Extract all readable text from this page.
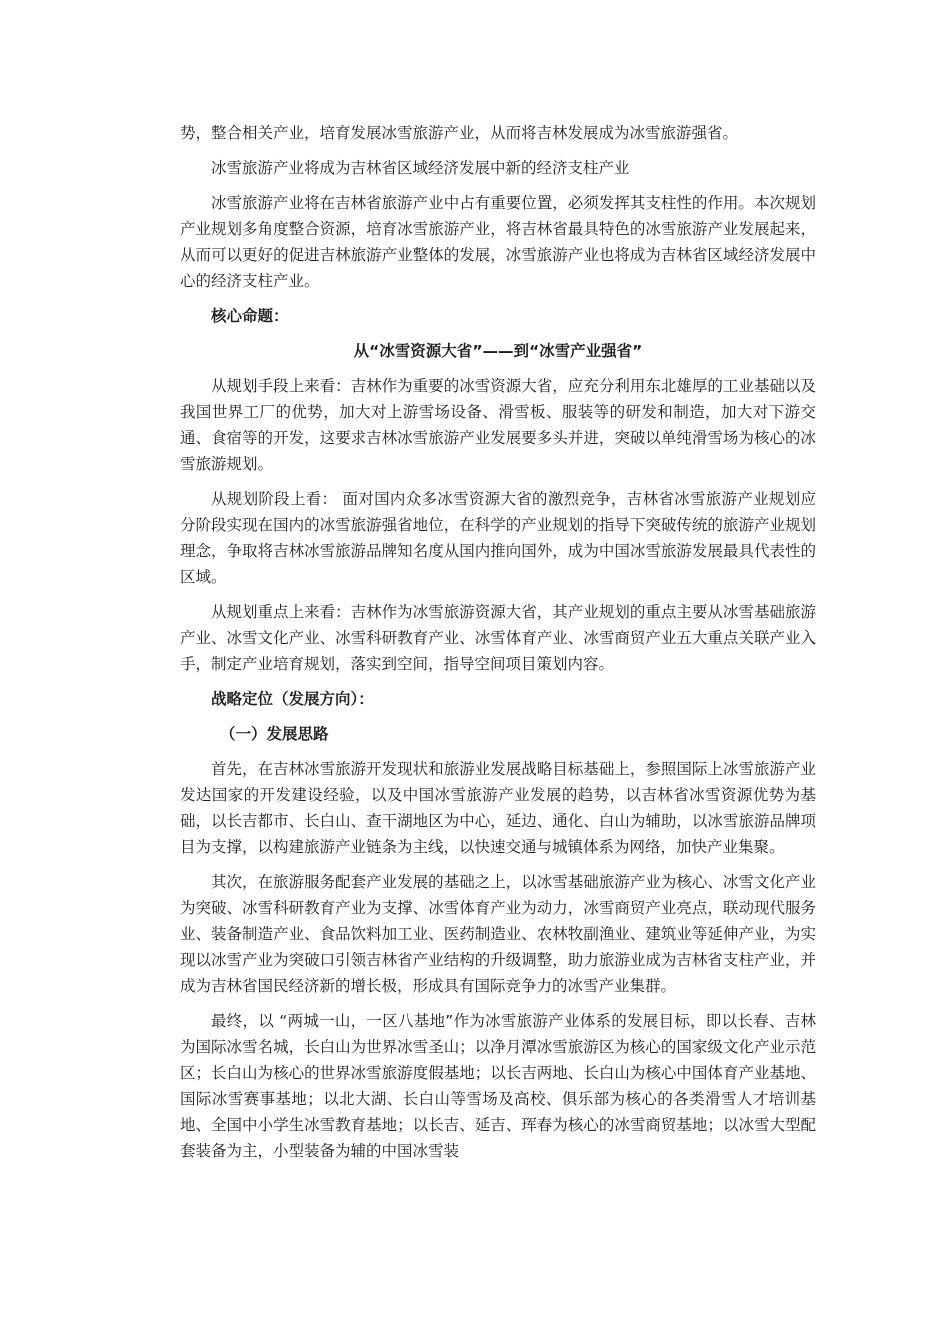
势，整合相关产业，培育发展冰雪旅游产业，从而将吉林发展成为冰雪旅游强省。

冰雪旅游产业将成为吉林省区域经济发展中新的经济支柱产业

冰雪旅游产业将在吉林省旅游产业中占有重要位置，必须发挥其支柱性的作用。本次规划产业规划多角度整合资源，培育冰雪旅游产业，将吉林省最具特色的冰雪旅游产业发展起来，从而可以更好的促进吉林旅游产业整体的发展，冰雪旅游产业也将成为吉林省区域经济发展中心的经济支柱产业。

核心命题：

从“冰雪资源大省”——到“冰雪产业强省”

从规划手段上来看：吉林作为重要的冰雪资源大省，应充分利用东北雄厚的工业基础以及我国世界工厂的优势，加大对上游雪场设备、滑雪板、服装等的研发和制造，加大对下游交通、食宿等的开发，这要求吉林冰雪旅游产业发展要多头并进，突破以单纯滑雪场为核心的冰雪旅游规划。

从规划阶段上看： 面对国内众多冰雪资源大省的激烈竞争，吉林省冰雪旅游产业规划应分阶段实现在国内的冰雪旅游强省地位，在科学的产业规划的指导下突破传统的旅游产业规划理念，争取将吉林冰雪旅游品牌知名度从国内推向国外，成为中国冰雪旅游发展最具代表性的区域。

从规划重点上来看：吉林作为冰雪旅游资源大省，其产业规划的重点主要从冰雪基础旅游产业、冰雪文化产业、冰雪科研教育产业、冰雪体育产业、冰雪商贸产业五大重点关联产业入手，制定产业培育规划，落实到空间，指导空间项目策划内容。

战略定位（发展方向）：

（一）发展思路

首先，在吉林冰雪旅游开发现状和旅游业发展战略目标基础上，参照国际上冰雪旅游产业发达国家的开发建设经验，以及中国冰雪旅游产业发展的趋势，以吉林省冰雪资源优势为基础，以长吉都市、长白山、查干湖地区为中心，延边、通化、白山为辅助，以冰雪旅游品牌项目为支撑，以构建旅游产业链条为主线，以快速交通与城镇体系为网络，加快产业集聚。

其次，在旅游服务配套产业发展的基础之上，以冰雪基础旅游产业为核心、冰雪文化产业为突破、冰雪科研教育产业为支撑、冰雪体育产业为动力，冰雪商贸产业亮点，联动现代服务业、装备制造产业、食品饮料加工业、医药制造业、农林牧副渔业、建筑业等延伸产业，为实现以冰雪产业为突破口引领吉林省产业结构的升级调整，助力旅游业成为吉林省支柱产业，并成为吉林省国民经济新的增长极，形成具有国际竞争力的冰雪产业集群。

最终，以 “两城一山，一区八基地”作为冰雪旅游产业体系的发展目标，即以长春、吉林为国际冰雪名城，长白山为世界冰雪圣山；以净月潭冰雪旅游区为核心的国家级文化产业示范区；长白山为核心的世界冰雪旅游度假基地；以长吉两地、长白山为核心中国体育产业基地、国际冰雪赛事基地；以北大湖、长白山等雪场及高校、俱乐部为核心的各类滑雪人才培训基地、全国中小学生冰雪教育基地；以长吉、延吉、珲春为核心的冰雪商贸基地；以冰雪大型配套装备为主，小型装备为辅的中国冰雪装
